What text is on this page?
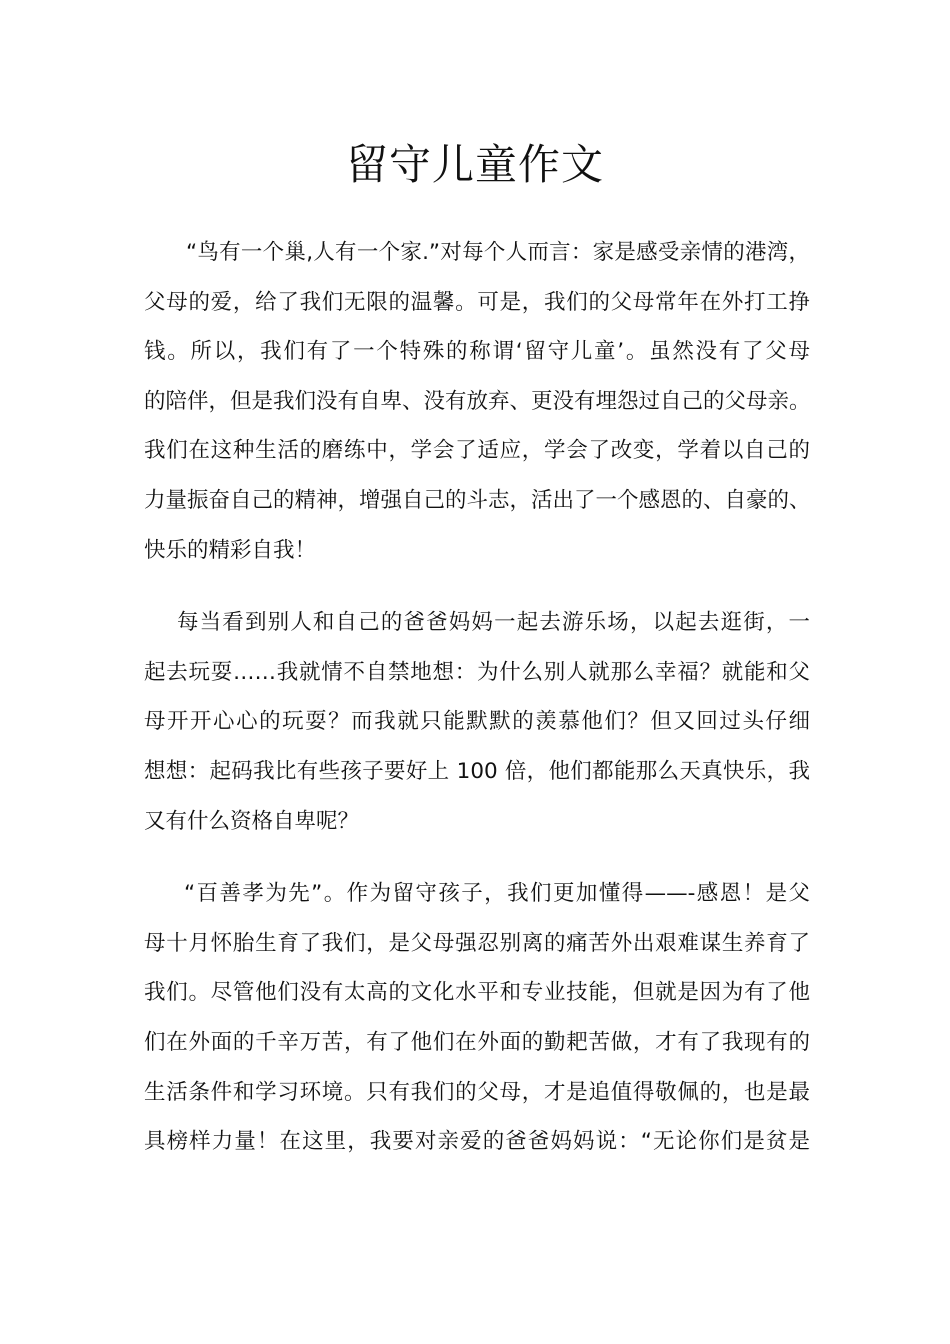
留守儿童作文
“鸟有一个巢,人有一个家.”对每个人而言：家是感受亲情的港湾，
父母的爱，给了我们无限的温馨。可是，我们的父母常年在外打工挣
钱。所以，我们有了一个特殊的称谓‘留守儿童’。虽然没有了父母
的陪伴，但是我们没有自卑、没有放弃、更没有埋怨过自己的父母亲。
我们在这种生活的磨练中，学会了适应，学会了改变，学着以自己的
力量振奋自己的精神，增强自己的斗志，活出了一个感恩的、自豪的、
快乐的精彩自我！
每当看到别人和自己的爸爸妈妈一起去游乐场，以起去逛街，一
起去玩耍……我就情不自禁地想：为什么别人就那么幸福？就能和父
母开开心心的玩耍？而我就只能默默的羡慕他们？但又回过头仔细
想想：起码我比有些孩子要好上 100 倍，他们都能那么天真快乐，我
又有什么资格自卑呢？
“百善孝为先”。作为留守孩子，我们更加懂得——-感恩！是父
母十月怀胎生育了我们，是父母强忍别离的痛苦外出艰难谋生养育了
我们。尽管他们没有太高的文化水平和专业技能，但就是因为有了他
们在外面的千辛万苦，有了他们在外面的勤耙苦做，才有了我现有的
生活条件和学习环境。只有我们的父母，才是追值得敬佩的，也是最
具榜样力量！在这里，我要对亲爱的爸爸妈妈说：“无论你们是贫是
